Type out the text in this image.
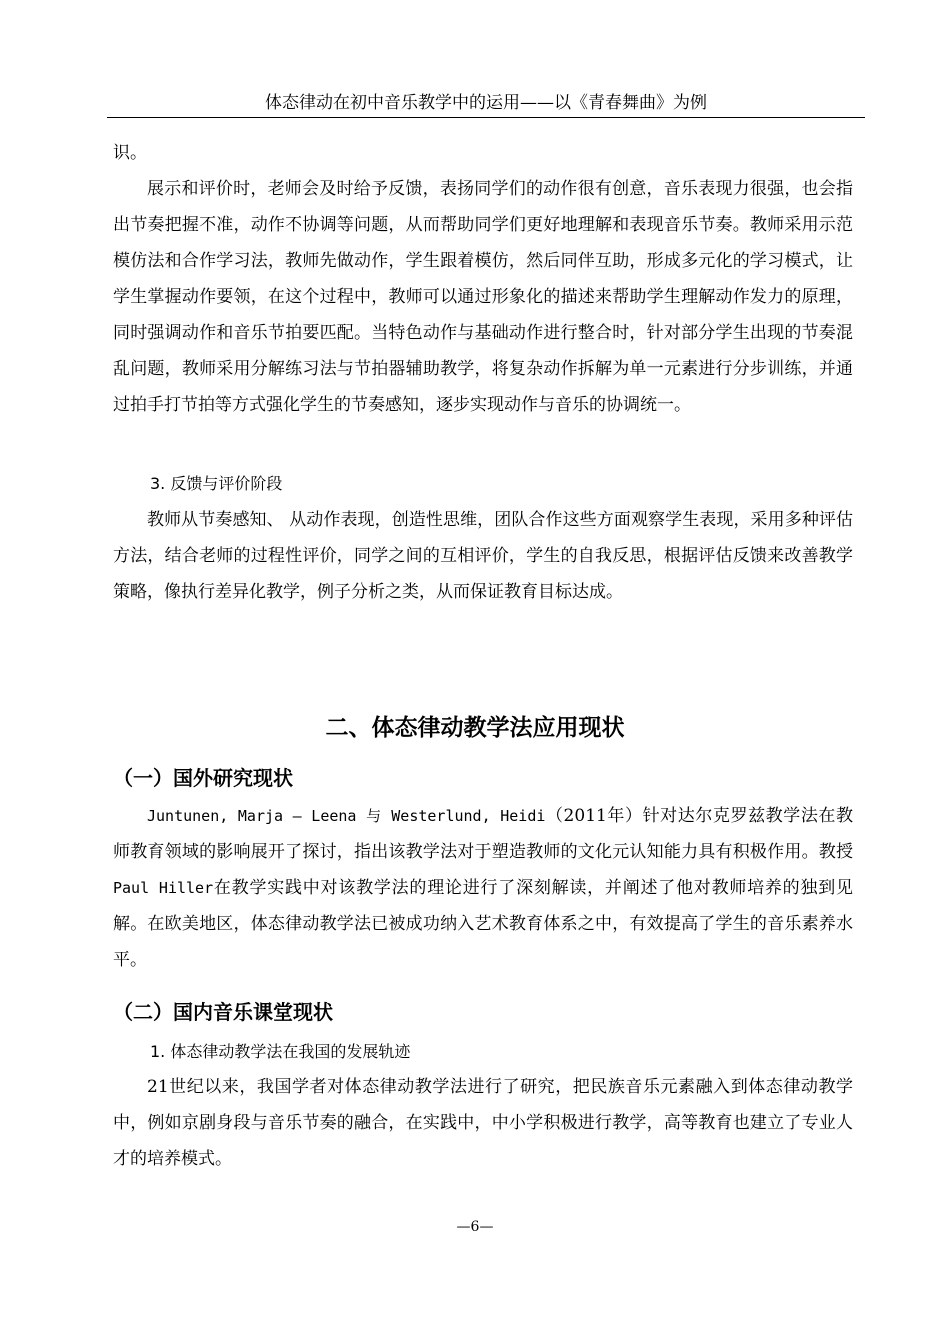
体态律动在初中音乐教学中的运用——以《青春舞曲》为例

识。

展示和评价时，老师会及时给予反馈，表扬同学们的动作很有创意，音乐表现力很强，也会指出节奏把握不准，动作不协调等问题，从而帮助同学们更好地理解和表现音乐节奏。教师采用示范模仿法和合作学习法，教师先做动作，学生跟着模仿，然后同伴互助，形成多元化的学习模式，让学生掌握动作要领，在这个过程中，教师可以通过形象化的描述来帮助学生理解动作发力的原理，同时强调动作和音乐节拍要匹配。当特色动作与基础动作进行整合时，针对部分学生出现的节奏混乱问题，教师采用分解练习法与节拍器辅助教学，将复杂动作拆解为单一元素进行分步训练，并通过拍手打节拍等方式强化学生的节奏感知，逐步实现动作与音乐的协调统一。

3. 反馈与评价阶段

教师从节奏感知、 从动作表现，创造性思维，团队合作这些方面观察学生表现，采用多种评估方法，结合老师的过程性评价，同学之间的互相评价，学生的自我反思，根据评估反馈来改善教学策略，像执行差异化教学，例子分析之类，从而保证教育目标达成。

二、体态律动教学法应用现状
（一）国外研究现状

Juntunen, Marja – Leena 与 Westerlund, Heidi（2011年）针对达尔克罗兹教学法在教师教育领域的影响展开了探讨，指出该教学法对于塑造教师的文化元认知能力具有积极作用。教授Paul Hiller在教学实践中对该教学法的理论进行了深刻解读，并阐述了他对教师培养的独到见解。在欧美地区，体态律动教学法已被成功纳入艺术教育体系之中，有效提高了学生的音乐素养水平。

（二）国内音乐课堂现状
1. 体态律动教学法在我国的发展轨迹

21世纪以来，我国学者对体态律动教学法进行了研究，把民族音乐元素融入到体态律动教学中，例如京剧身段与音乐节奏的融合，在实践中，中小学积极进行教学，高等教育也建立了专业人才的培养模式。

—6—
